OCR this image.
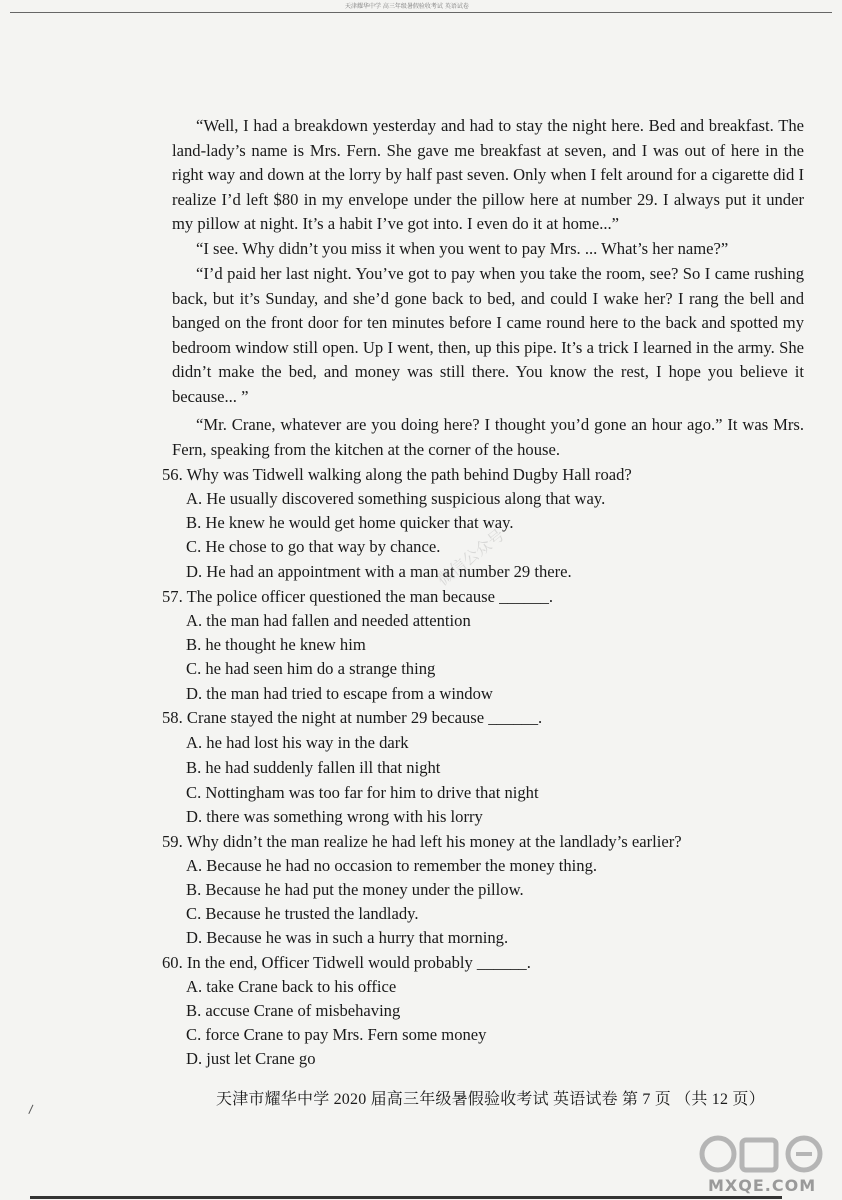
天津耀华中学 高三年级暑假验收考试 英语试卷

“Well, I had a breakdown yesterday and had to stay the night here. Bed and breakfast. The land-lady’s name is Mrs. Fern. She gave me breakfast at seven, and I was out of here in the right way and down at the lorry by half past seven. Only when I felt around for a cigarette did I realize I’d left $80 in my envelope under the pillow here at number 29. I always put it under my pillow at night. It’s a habit I’ve got into. I even do it at home...”

“I see. Why didn’t you miss it when you went to pay Mrs. ... What’s her name?”

“I’d paid her last night. You’ve got to pay when you take the room, see? So I came rushing back, but it’s Sunday, and she’d gone back to bed, and could I wake her? I rang the bell and banged on the front door for ten minutes before I came round here to the back and spotted my bedroom window still open. Up I went, then, up this pipe. It’s a trick I learned in the army. She didn’t make the bed, and money was still there. You know the rest, I hope you believe it because... ”

“Mr. Crane, whatever are you doing here? I thought you’d gone an hour ago.” It was Mrs. Fern, speaking from the kitchen at the corner of the house.

56. Why was Tidwell walking along the path behind Dugby Hall road?

A. He usually discovered something suspicious along that way.

B. He knew he would get home quicker that way.

C. He chose to go that way by chance.

D. He had an appointment with a man at number 29 there.

57. The police officer questioned the man because ______.

A. the man had fallen and needed attention

B. he thought he knew him

C. he had seen him do a strange thing

D. the man had tried to escape from a window

58. Crane stayed the night at number 29 because ______.

A. he had lost his way in the dark

B. he had suddenly fallen ill that night

C. Nottingham was too far for him to drive that night

D. there was something wrong with his lorry

59. Why didn’t the man realize he had left his money at the landlady’s earlier?

A. Because he had no occasion to remember the money thing.

B. Because he had put the money under the pillow.

C. Because he trusted the landlady.

D. Because he was in such a hurry that morning.

60. In the end, Officer Tidwell would probably ______.

A. take Crane back to his office

B. accuse Crane of misbehaving

C. force Crane to pay Mrs. Fern some money

D. just let Crane go

天津市耀华中学 2020 届高三年级暑假验收考试 英语试卷 第 7 页 （共 12 页）
微信公众号
MXQE.COM
